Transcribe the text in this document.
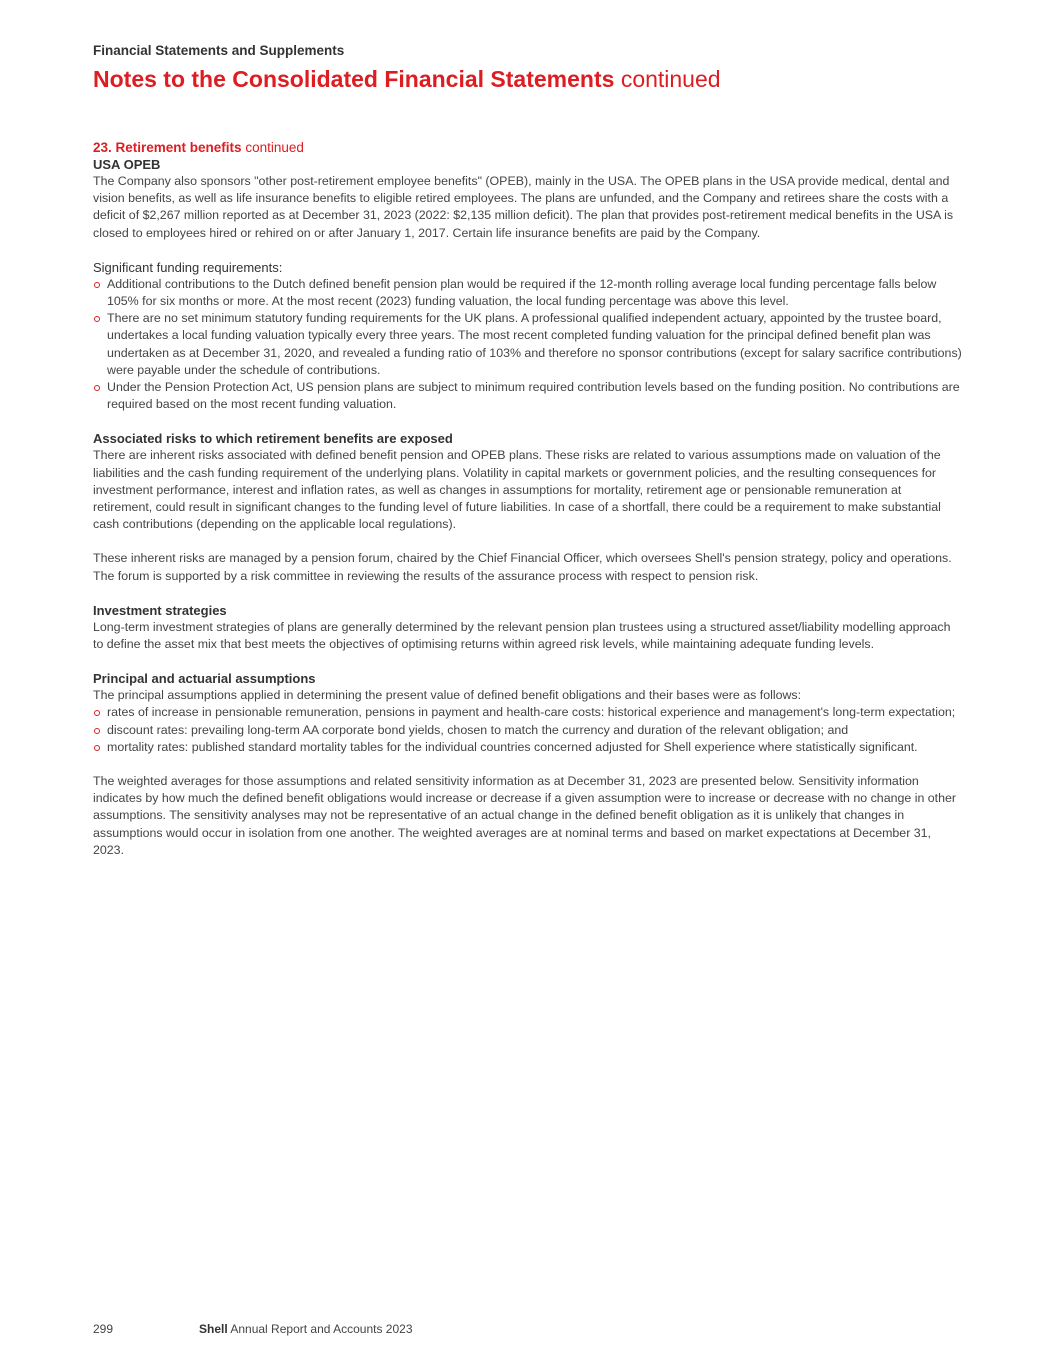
Financial Statements and Supplements
Notes to the Consolidated Financial Statements continued
23. Retirement benefits continued
USA OPEB

The Company also sponsors "other post-retirement employee benefits" (OPEB), mainly in the USA. The OPEB plans in the USA provide medical, dental and vision benefits, as well as life insurance benefits to eligible retired employees. The plans are unfunded, and the Company and retirees share the costs with a deficit of $2,267 million reported as at December 31, 2023 (2022: $2,135 million deficit). The plan that provides post-retirement medical benefits in the USA is closed to employees hired or rehired on or after January 1, 2017. Certain life insurance benefits are paid by the Company.

Significant funding requirements:
Additional contributions to the Dutch defined benefit pension plan would be required if the 12-month rolling average local funding percentage falls below 105% for six months or more. At the most recent (2023) funding valuation, the local funding percentage was above this level.
There are no set minimum statutory funding requirements for the UK plans. A professional qualified independent actuary, appointed by the trustee board, undertakes a local funding valuation typically every three years. The most recent completed funding valuation for the principal defined benefit plan was undertaken as at December 31, 2020, and revealed a funding ratio of 103% and therefore no sponsor contributions (except for salary sacrifice contributions) were payable under the schedule of contributions.
Under the Pension Protection Act, US pension plans are subject to minimum required contribution levels based on the funding position. No contributions are required based on the most recent funding valuation.
Associated risks to which retirement benefits are exposed

There are inherent risks associated with defined benefit pension and OPEB plans. These risks are related to various assumptions made on valuation of the liabilities and the cash funding requirement of the underlying plans. Volatility in capital markets or government policies, and the resulting consequences for investment performance, interest and inflation rates, as well as changes in assumptions for mortality, retirement age or pensionable remuneration at retirement, could result in significant changes to the funding level of future liabilities. In case of a shortfall, there could be a requirement to make substantial cash contributions (depending on the applicable local regulations).

These inherent risks are managed by a pension forum, chaired by the Chief Financial Officer, which oversees Shell's pension strategy, policy and operations. The forum is supported by a risk committee in reviewing the results of the assurance process with respect to pension risk.

Investment strategies

Long-term investment strategies of plans are generally determined by the relevant pension plan trustees using a structured asset/liability modelling approach to define the asset mix that best meets the objectives of optimising returns within agreed risk levels, while maintaining adequate funding levels.

Principal and actuarial assumptions

The principal assumptions applied in determining the present value of defined benefit obligations and their bases were as follows:

rates of increase in pensionable remuneration, pensions in payment and health-care costs: historical experience and management's long-term expectation;
discount rates: prevailing long-term AA corporate bond yields, chosen to match the currency and duration of the relevant obligation; and
mortality rates: published standard mortality tables for the individual countries concerned adjusted for Shell experience where statistically significant.

The weighted averages for those assumptions and related sensitivity information as at December 31, 2023 are presented below. Sensitivity information indicates by how much the defined benefit obligations would increase or decrease if a given assumption were to increase or decrease with no change in other assumptions. The sensitivity analyses may not be representative of an actual change in the defined benefit obligation as it is unlikely that changes in assumptions would occur in isolation from one another. The weighted averages are at nominal terms and based on market expectations at December 31, 2023.

299	Shell Annual Report and Accounts 2023
